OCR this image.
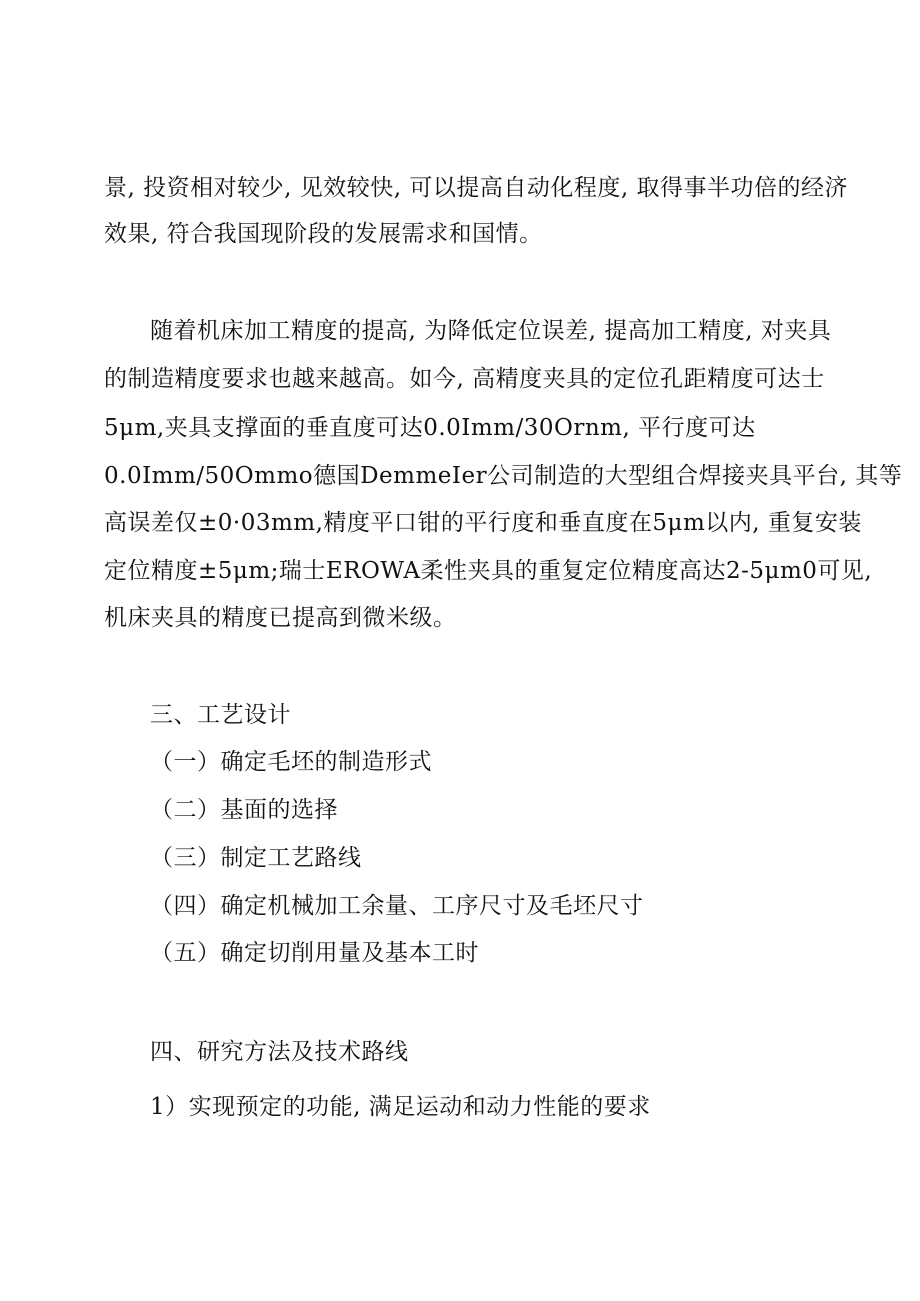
景, 投资相对较少, 见效较快, 可以提高自动化程度, 取得事半功倍的经济
效果, 符合我国现阶段的发展需求和国情。
随着机床加工精度的提高, 为降低定位误差, 提高加工精度, 对夹具
的制造精度要求也越来越高。如今, 高精度夹具的定位孔距精度可达士
5μm,夹具支撑面的垂直度可达0.0Imm/30Ornm, 平行度可达
0.0Imm/50Ommo德国DemmeIer公司制造的大型组合焊接夹具平台, 其等
高误差仅±0·03mm,精度平口钳的平行度和垂直度在5μm以内, 重复安装
定位精度±5μm;瑞士EROWA柔性夹具的重复定位精度高达2-5μm0可见,
机床夹具的精度已提高到微米级。
三、工艺设计
（一）确定毛坯的制造形式
（二）基面的选择
（三）制定工艺路线
（四）确定机械加工余量、工序尺寸及毛坯尺寸
（五）确定切削用量及基本工时
四、研究方法及技术路线
1）实现预定的功能, 满足运动和动力性能的要求
